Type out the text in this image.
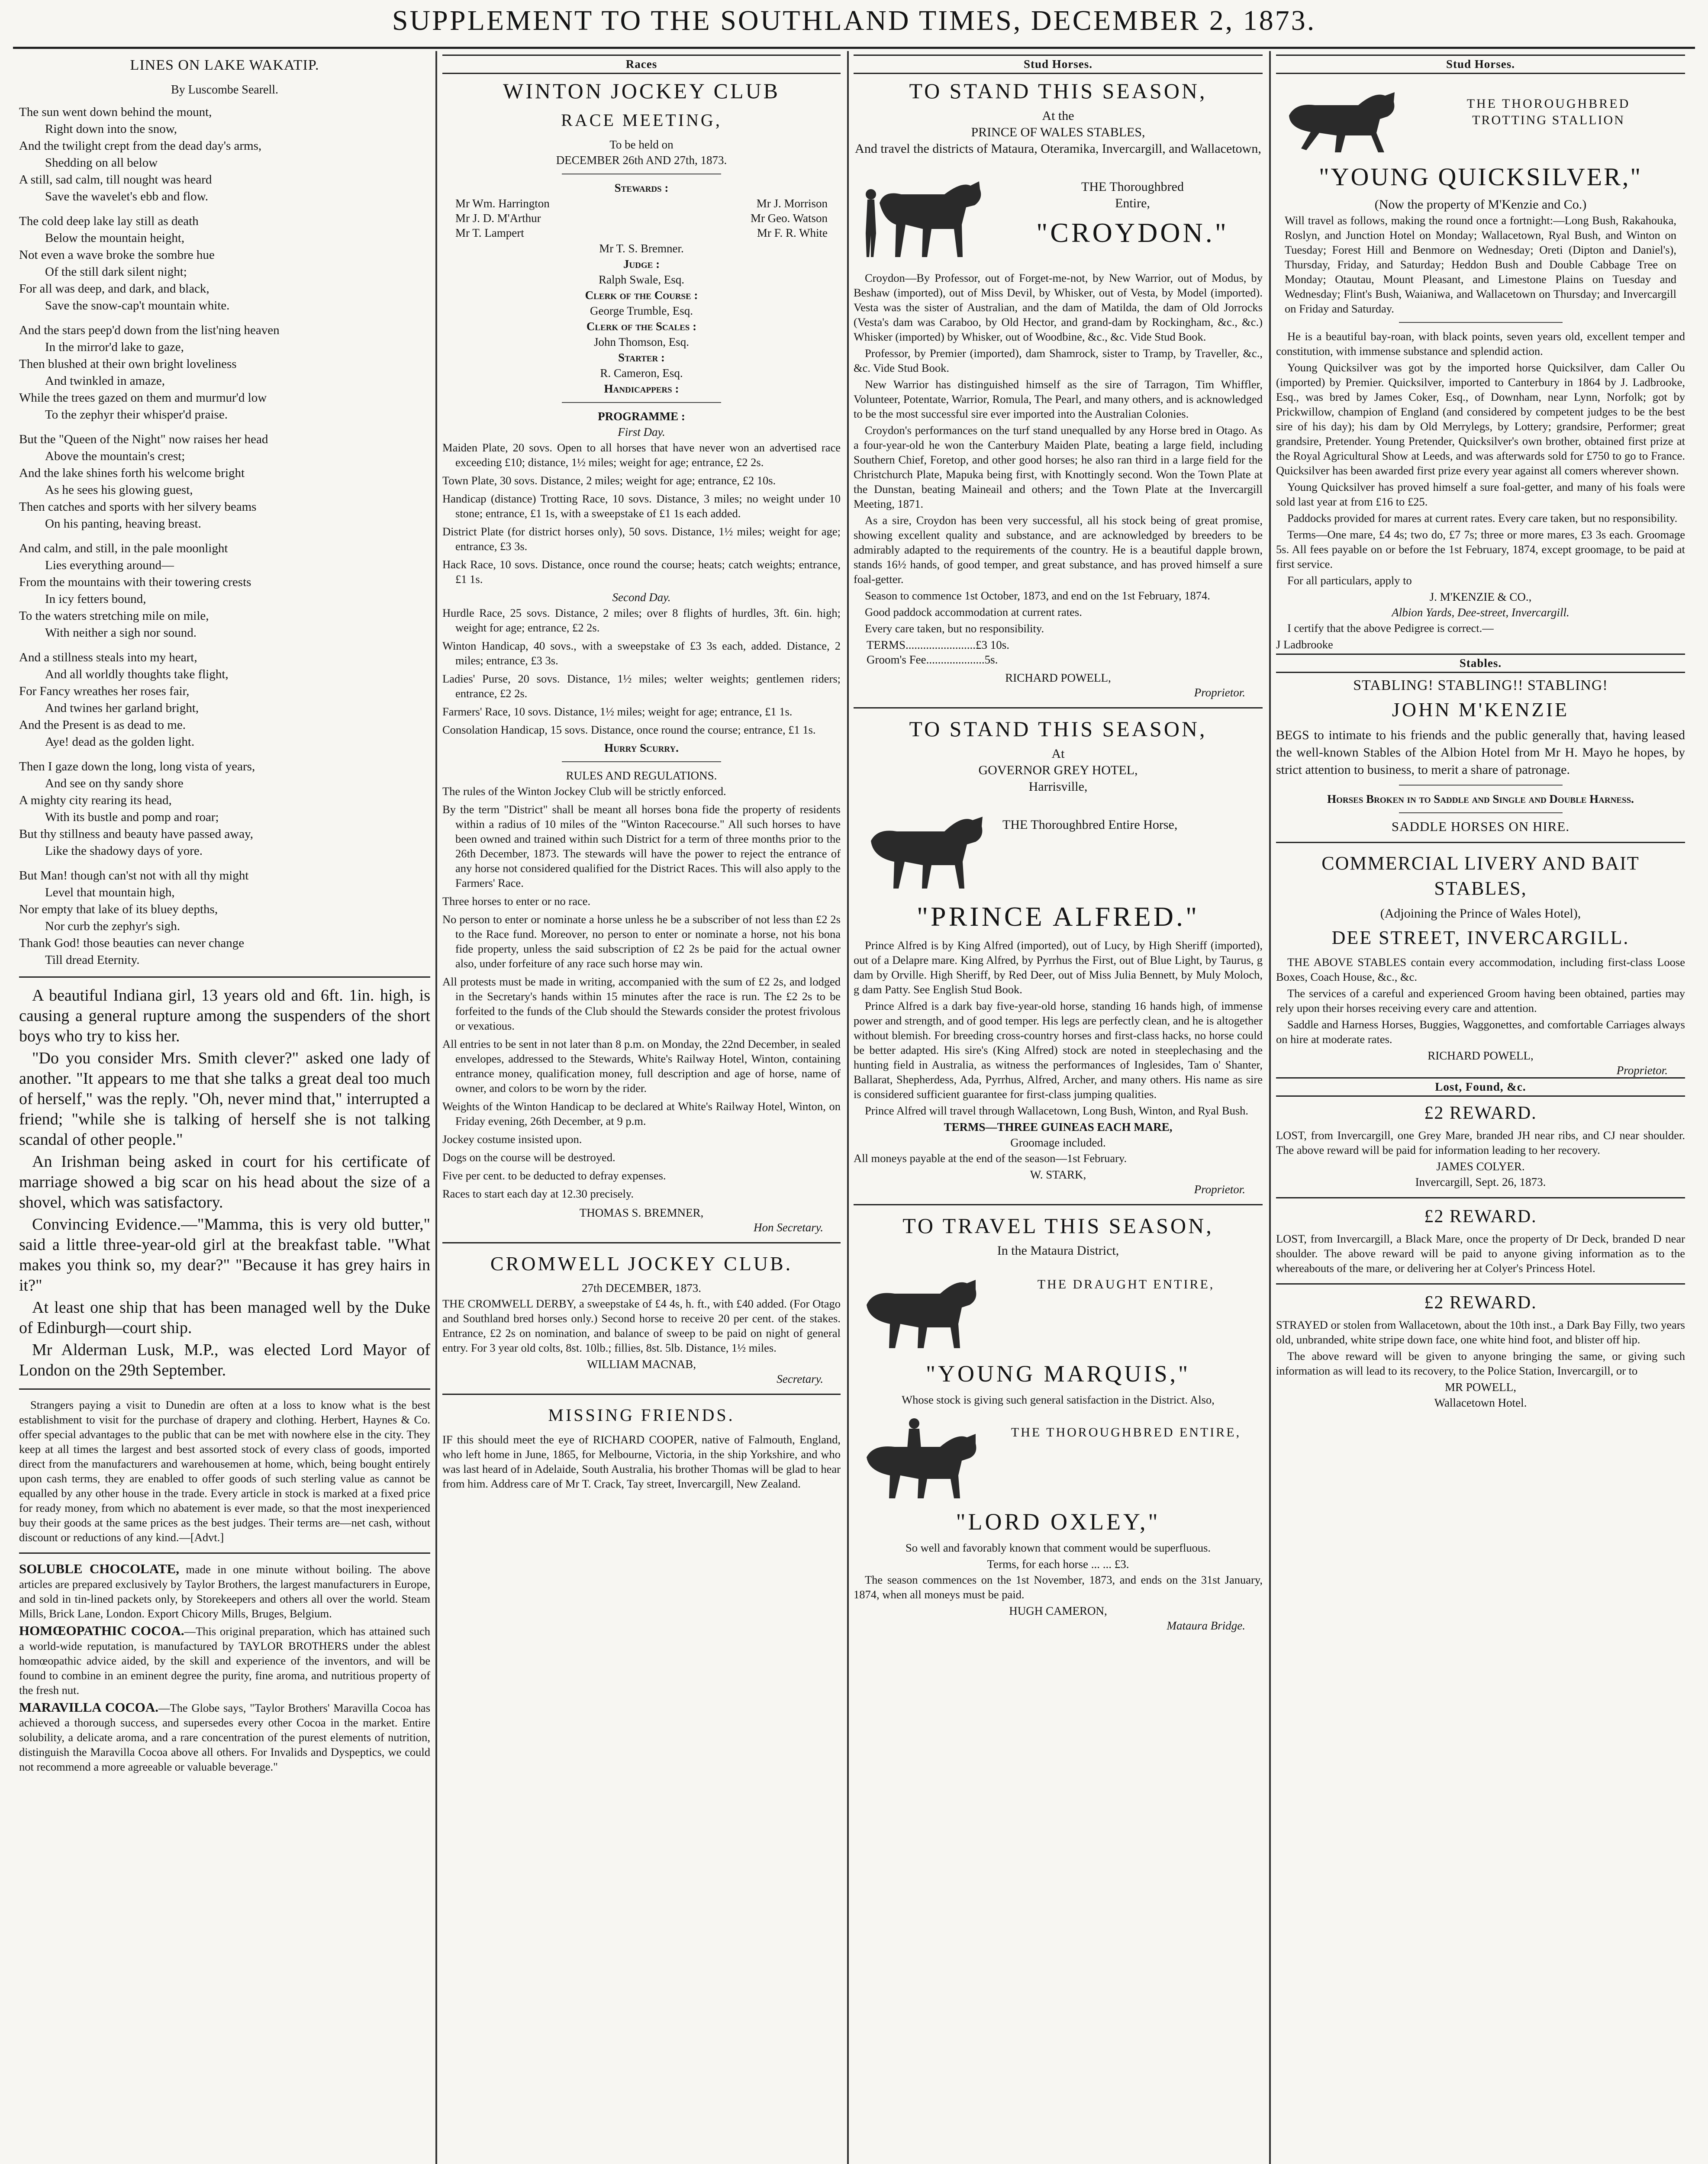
SUPPLEMENT TO THE SOUTHLAND TIMES, DECEMBER 2, 1873.
LINES ON LAKE WAKATIP.
By Luscombe Searell.
The sun went down behind the mount,
Right down into the snow,
And the twilight crept from the dead day's arms,
Shedding on all below
A still, sad calm, till nought was heard
Save the wavelet's ebb and flow.
The cold deep lake lay still as death
Below the mountain height,
Not even a wave broke the sombre hue
Of the still dark silent night;
For all was deep, and dark, and black,
Save the snow-cap't mountain white.
And the stars peep'd down from the list'ning heaven
In the mirror'd lake to gaze,
Then blushed at their own bright loveliness
And twinkled in amaze,
While the trees gazed on them and murmur'd low
To the zephyr their whisper'd praise.
But the "Queen of the Night" now raises her head
Above the mountain's crest;
And the lake shines forth his welcome bright
As he sees his glowing guest,
Then catches and sports with her silvery beams
On his panting, heaving breast.
And calm, and still, in the pale moonlight
Lies everything around—
From the mountains with their towering crests
In icy fetters bound,
To the waters stretching mile on mile,
With neither a sigh nor sound.
And a stillness steals into my heart,
And all worldly thoughts take flight,
For Fancy wreathes her roses fair,
And twines her garland bright,
And the Present is as dead to me.
Aye! dead as the golden light.
Then I gaze down the long, long vista of years,
And see on thy sandy shore
A mighty city rearing its head,
With its bustle and pomp and roar;
But thy stillness and beauty have passed away,
Like the shadowy days of yore.
But Man! though can'st not with all thy might
Level that mountain high,
Nor empty that lake of its bluey depths,
Nor curb the zephyr's sigh.
Thank God! those beauties can never change
Till dread Eternity.

A beautiful Indiana girl, 13 years old and 6ft. 1in. high, is causing a general rupture among the suspenders of the short boys who try to kiss her.

"Do you consider Mrs. Smith clever?" asked one lady of another. "It appears to me that she talks a great deal too much of herself," was the reply. "Oh, never mind that," interrupted a friend; "while she is talking of herself she is not talking scandal of other people."

An Irishman being asked in court for his certificate of marriage showed a big scar on his head about the size of a shovel, which was satisfactory.

Convincing Evidence.—"Mamma, this is very old butter," said a little three-year-old girl at the breakfast table. "What makes you think so, my dear?" "Because it has grey hairs in it?"

At least one ship that has been managed well by the Duke of Edinburgh—court ship.

Mr Alderman Lusk, M.P., was elected Lord Mayor of London on the 29th September.

Strangers paying a visit to Dunedin are often at a loss to know what is the best establishment to visit for the purchase of drapery and clothing. Herbert, Haynes & Co. offer special advantages to the public that can be met with nowhere else in the city. They keep at all times the largest and best assorted stock of every class of goods, imported direct from the manufacturers and warehousemen at home, which, being bought entirely upon cash terms, they are enabled to offer goods of such sterling value as cannot be equalled by any other house in the trade. Every article in stock is marked at a fixed price for ready money, from which no abatement is ever made, so that the most inexperienced buy their goods at the same prices as the best judges. Their terms are—net cash, without discount or reductions of any kind.—[Advt.]

SOLUBLE CHOCOLATE, made in one minute without boiling. The above articles are prepared exclusively by Taylor Brothers, the largest manufacturers in Europe, and sold in tin-lined packets only, by Storekeepers and others all over the world. Steam Mills, Brick Lane, London. Export Chicory Mills, Bruges, Belgium.

HOMŒOPATHIC COCOA.—This original preparation, which has attained such a world-wide reputation, is manufactured by TAYLOR BROTHERS under the ablest homœopathic advice aided, by the skill and experience of the inventors, and will be found to combine in an eminent degree the purity, fine aroma, and nutritious property of the fresh nut.

MARAVILLA COCOA.—The Globe says, "Taylor Brothers' Maravilla Cocoa has achieved a thorough success, and supersedes every other Cocoa in the market. Entire solubility, a delicate aroma, and a rare concentration of the purest elements of nutrition, distinguish the Maravilla Cocoa above all others. For Invalids and Dyspeptics, we could not recommend a more agreeable or valuable beverage."

Races
WINTON JOCKEY CLUB
RACE MEETING,
To be held on
DECEMBER 26th AND 27th, 1873.
Stewards :
Mr Wm. Harrington	Mr J. Morrison
Mr J. D. M'Arthur	Mr Geo. Watson
Mr T. Lampert	Mr F. R. White
Mr T. S. Bremner.
Judge :
Ralph Swale, Esq.
Clerk of the Course :
George Trumble, Esq.
Clerk of the Scales :
John Thomson, Esq.
Starter :
R. Cameron, Esq.
Handicappers :
PROGRAMME :
First Day.

Maiden Plate, 20 sovs. Open to all horses that have never won an advertised race exceeding £10; distance, 1½ miles; weight for age; entrance, £2 2s.

Town Plate, 30 sovs. Distance, 2 miles; weight for age; entrance, £2 10s.

Handicap (distance) Trotting Race, 10 sovs. Distance, 3 miles; no weight under 10 stone; entrance, £1 1s, with a sweepstake of £1 1s each added.

District Plate (for district horses only), 50 sovs. Distance, 1½ miles; weight for age; entrance, £3 3s.

Hack Race, 10 sovs. Distance, once round the course; heats; catch weights; entrance, £1 1s.

Second Day.

Hurdle Race, 25 sovs. Distance, 2 miles; over 8 flights of hurdles, 3ft. 6in. high; weight for age; entrance, £2 2s.

Winton Handicap, 40 sovs., with a sweepstake of £3 3s each, added. Distance, 2 miles; entrance, £3 3s.

Ladies' Purse, 20 sovs. Distance, 1½ miles; welter weights; gentlemen riders; entrance, £2 2s.

Farmers' Race, 10 sovs. Distance, 1½ miles; weight for age; entrance, £1 1s.

Consolation Handicap, 15 sovs. Distance, once round the course; entrance, £1 1s.

Hurry Scurry.
RULES AND REGULATIONS.

The rules of the Winton Jockey Club will be strictly enforced.

By the term "District" shall be meant all horses bona fide the property of residents within a radius of 10 miles of the "Winton Racecourse." All such horses to have been owned and trained within such District for a term of three months prior to the 26th December, 1873. The stewards will have the power to reject the entrance of any horse not considered qualified for the District Races. This will also apply to the Farmers' Race.

Three horses to enter or no race.

No person to enter or nominate a horse unless he be a subscriber of not less than £2 2s to the Race fund. Moreover, no person to enter or nominate a horse, not his bona fide property, unless the said subscription of £2 2s be paid for the actual owner also, under forfeiture of any race such horse may win.

All protests must be made in writing, accompanied with the sum of £2 2s, and lodged in the Secretary's hands within 15 minutes after the race is run. The £2 2s to be forfeited to the funds of the Club should the Stewards consider the protest frivolous or vexatious.

All entries to be sent in not later than 8 p.m. on Monday, the 22nd December, in sealed envelopes, addressed to the Stewards, White's Railway Hotel, Winton, containing entrance money, qualification money, full description and age of horse, name of owner, and colors to be worn by the rider.

Weights of the Winton Handicap to be declared at White's Railway Hotel, Winton, on Friday evening, 26th December, at 9 p.m.

Jockey costume insisted upon.

Dogs on the course will be destroyed.

Five per cent. to be deducted to defray expenses.

Races to start each day at 12.30 precisely.

THOMAS S. BREMNER,
Hon Secretary.
CROMWELL JOCKEY CLUB.
27th DECEMBER, 1873.

THE CROMWELL DERBY, a sweepstake of £4 4s, h. ft., with £40 added. (For Otago and Southland bred horses only.) Second horse to receive 20 per cent. of the stakes. Entrance, £2 2s on nomination, and balance of sweep to be paid on night of general entry. For 3 year old colts, 8st. 10lb.; fillies, 8st. 5lb. Distance, 1½ miles.

WILLIAM MACNAB,
Secretary.
MISSING FRIENDS.

IF this should meet the eye of RICHARD COOPER, native of Falmouth, England, who left home in June, 1865, for Melbourne, Victoria, in the ship Yorkshire, and who was last heard of in Adelaide, South Australia, his brother Thomas will be glad to hear from him. Address care of Mr T. Crack, Tay street, Invercargill, New Zealand.

Stud Horses.
TO STAND THIS SEASON,
At the
PRINCE OF WALES STABLES,
And travel the districts of Mataura, Oteramika, Invercargill, and Wallacetown,
THE Thoroughbred
Entire,
"CROYDON."

Croydon—By Professor, out of Forget-me-not, by New Warrior, out of Modus, by Beshaw (imported), out of Miss Devil, by Whisker, out of Vesta, by Model (imported). Vesta was the sister of Australian, and the dam of Matilda, the dam of Old Jorrocks (Vesta's dam was Caraboo, by Old Hector, and grand-dam by Rockingham, &c., &c.) Whisker (imported) by Whisker, out of Woodbine, &c., &c. Vide Stud Book.

Professor, by Premier (imported), dam Shamrock, sister to Tramp, by Traveller, &c., &c. Vide Stud Book.

New Warrior has distinguished himself as the sire of Tarragon, Tim Whiffler, Volunteer, Potentate, Warrior, Romula, The Pearl, and many others, and is acknowledged to be the most successful sire ever imported into the Australian Colonies.

Croydon's performances on the turf stand unequalled by any Horse bred in Otago. As a four-year-old he won the Canterbury Maiden Plate, beating a large field, including Southern Chief, Foretop, and other good horses; he also ran third in a large field for the Christchurch Plate, Mapuka being first, with Knottingly second. Won the Town Plate at the Dunstan, beating Maineail and others; and the Town Plate at the Invercargill Meeting, 1871.

As a sire, Croydon has been very successful, all his stock being of great promise, showing excellent quality and substance, and are acknowledged by breeders to be admirably adapted to the requirements of the country. He is a beautiful dapple brown, stands 16½ hands, of good temper, and great substance, and has proved himself a sure foal-getter.

Season to commence 1st October, 1873, and end on the 1st February, 1874.

Good paddock accommodation at current rates.

Every care taken, but no responsibility.

TERMS........................£3 10s.
Groom's Fee....................5s.
RICHARD POWELL,
Proprietor.
TO STAND THIS SEASON,
At
GOVERNOR GREY HOTEL,
Harrisville,
THE Thoroughbred Entire Horse,
"PRINCE ALFRED."

Prince Alfred is by King Alfred (imported), out of Lucy, by High Sheriff (imported), out of a Delapre mare. King Alfred, by Pyrrhus the First, out of Blue Light, by Taurus, g dam by Orville. High Sheriff, by Red Deer, out of Miss Julia Bennett, by Muly Moloch, g dam Patty. See English Stud Book.

Prince Alfred is a dark bay five-year-old horse, standing 16 hands high, of immense power and strength, and of good temper. His legs are perfectly clean, and he is altogether without blemish. For breeding cross-country horses and first-class hacks, no horse could be better adapted. His sire's (King Alfred) stock are noted in steeplechasing and the hunting field in Australia, as witness the performances of Inglesides, Tam o' Shanter, Ballarat, Shepherdess, Ada, Pyrrhus, Alfred, Archer, and many others. His name as sire is considered sufficient guarantee for first-class jumping qualities.

Prince Alfred will travel through Wallacetown, Long Bush, Winton, and Ryal Bush.

TERMS—THREE GUINEAS EACH MARE,
Groomage included.

All moneys payable at the end of the season—1st February.

W. STARK,
Proprietor.
TO TRAVEL THIS SEASON,
In the Mataura District,
THE DRAUGHT ENTIRE,
"YOUNG MARQUIS,"

Whose stock is giving such general satisfaction in the District. Also,

THE THOROUGHBRED ENTIRE,
"LORD OXLEY,"

So well and favorably known that comment would be superfluous.

Terms, for each horse ... ... £3.

The season commences on the 1st November, 1873, and ends on the 31st January, 1874, when all moneys must be paid.

HUGH CAMERON,
Mataura Bridge.
Stud Horses.
THE THOROUGHBRED
TROTTING STALLION
"YOUNG QUICKSILVER,"
(Now the property of M'Kenzie and Co.)

Will travel as follows, making the round once a fortnight:—Long Bush, Rakahouka, Roslyn, and Junction Hotel on Monday; Wallacetown, Ryal Bush, and Winton on Tuesday; Forest Hill and Benmore on Wednesday; Oreti (Dipton and Daniel's), Thursday, Friday, and Saturday; Heddon Bush and Double Cabbage Tree on Monday; Otautau, Mount Pleasant, and Limestone Plains on Tuesday and Wednesday; Flint's Bush, Waianiwa, and Wallacetown on Thursday; and Invercargill on Friday and Saturday.

He is a beautiful bay-roan, with black points, seven years old, excellent temper and constitution, with immense substance and splendid action.

Young Quicksilver was got by the imported horse Quicksilver, dam Caller Ou (imported) by Premier. Quicksilver, imported to Canterbury in 1864 by J. Ladbrooke, Esq., was bred by James Coker, Esq., of Downham, near Lynn, Norfolk; got by Prickwillow, champion of England (and considered by competent judges to be the best sire of his day); his dam by Old Merrylegs, by Lottery; grandsire, Performer; great grandsire, Pretender. Young Pretender, Quicksilver's own brother, obtained first prize at the Royal Agricultural Show at Leeds, and was afterwards sold for £750 to go to France. Quicksilver has been awarded first prize every year against all comers wherever shown.

Young Quicksilver has proved himself a sure foal-getter, and many of his foals were sold last year at from £16 to £25.

Paddocks provided for mares at current rates. Every care taken, but no responsibility.

Terms—One mare, £4 4s; two do, £7 7s; three or more mares, £3 3s each. Groomage 5s. All fees payable on or before the 1st February, 1874, except groomage, to be paid at first service.

For all particulars, apply to

J. M'KENZIE & CO.,
Albion Yards, Dee-street, Invercargill.

I certify that the above Pedigree is correct.—

J Ladbrooke

Stables.
STABLING! STABLING!! STABLING!
JOHN M'KENZIE

BEGS to intimate to his friends and the public generally that, having leased the well-known Stables of the Albion Hotel from Mr H. Mayo he hopes, by strict attention to business, to merit a share of patronage.

Horses Broken in to Saddle and Single and Double Harness.
SADDLE HORSES ON HIRE.
COMMERCIAL LIVERY AND BAIT STABLES,
(Adjoining the Prince of Wales Hotel),
DEE STREET, INVERCARGILL.

THE ABOVE STABLES contain every accommodation, including first-class Loose Boxes, Coach House, &c., &c.

The services of a careful and experienced Groom having been obtained, parties may rely upon their horses receiving every care and attention.

Saddle and Harness Horses, Buggies, Waggonettes, and comfortable Carriages always on hire at moderate rates.

RICHARD POWELL,
Proprietor.
Lost, Found, &c.
£2 REWARD.

LOST, from Invercargill, one Grey Mare, branded JH near ribs, and CJ near shoulder. The above reward will be paid for information leading to her recovery.

JAMES COLYER.
Invercargill, Sept. 26, 1873.
£2 REWARD.

LOST, from Invercargill, a Black Mare, once the property of Dr Deck, branded D near shoulder. The above reward will be paid to anyone giving information as to the whereabouts of the mare, or delivering her at Colyer's Princess Hotel.

£2 REWARD.

STRAYED or stolen from Wallacetown, about the 10th inst., a Dark Bay Filly, two years old, unbranded, white stripe down face, one white hind foot, and blister off hip.

The above reward will be given to anyone bringing the same, or giving such information as will lead to its recovery, to the Police Station, Invercargill, or to

MR POWELL,
Wallacetown Hotel.
